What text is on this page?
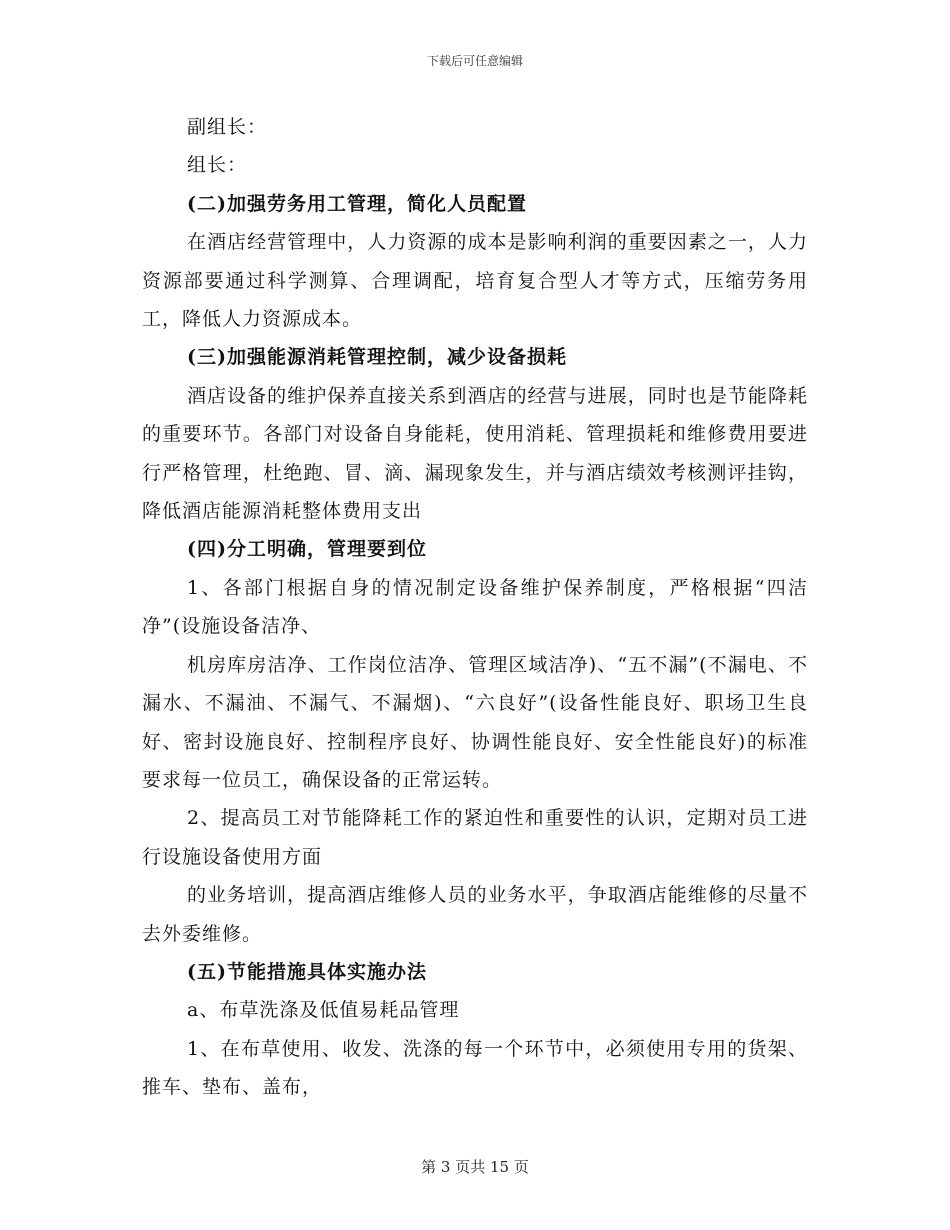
下载后可任意编辑

副组长：

组长：

(二)加强劳务用工管理，简化人员配置

在酒店经营管理中，人力资源的成本是影响利润的重要因素之一，人力资源部要通过科学测算、合理调配，培育复合型人才等方式，压缩劳务用工，降低人力资源成本。

(三)加强能源消耗管理控制，减少设备损耗

酒店设备的维护保养直接关系到酒店的经营与进展，同时也是节能降耗的重要环节。各部门对设备自身能耗，使用消耗、管理损耗和维修费用要进行严格管理，杜绝跑、冒、滴、漏现象发生，并与酒店绩效考核测评挂钩，降低酒店能源消耗整体费用支出

(四)分工明确，管理要到位

1、各部门根据自身的情况制定设备维护保养制度，严格根据“四洁净”(设施设备洁净、

机房库房洁净、工作岗位洁净、管理区域洁净)、“五不漏”(不漏电、不漏水、不漏油、不漏气、不漏烟)、“六良好”(设备性能良好、职场卫生良好、密封设施良好、控制程序良好、协调性能良好、安全性能良好)的标准要求每一位员工，确保设备的正常运转。

2、提高员工对节能降耗工作的紧迫性和重要性的认识，定期对员工进行设施设备使用方面

的业务培训，提高酒店维修人员的业务水平，争取酒店能维修的尽量不去外委维修。

(五)节能措施具体实施办法

a、布草洗涤及低值易耗品管理

1、在布草使用、收发、洗涤的每一个环节中，必须使用专用的货架、推车、垫布、盖布，

第 3 页共 15 页
